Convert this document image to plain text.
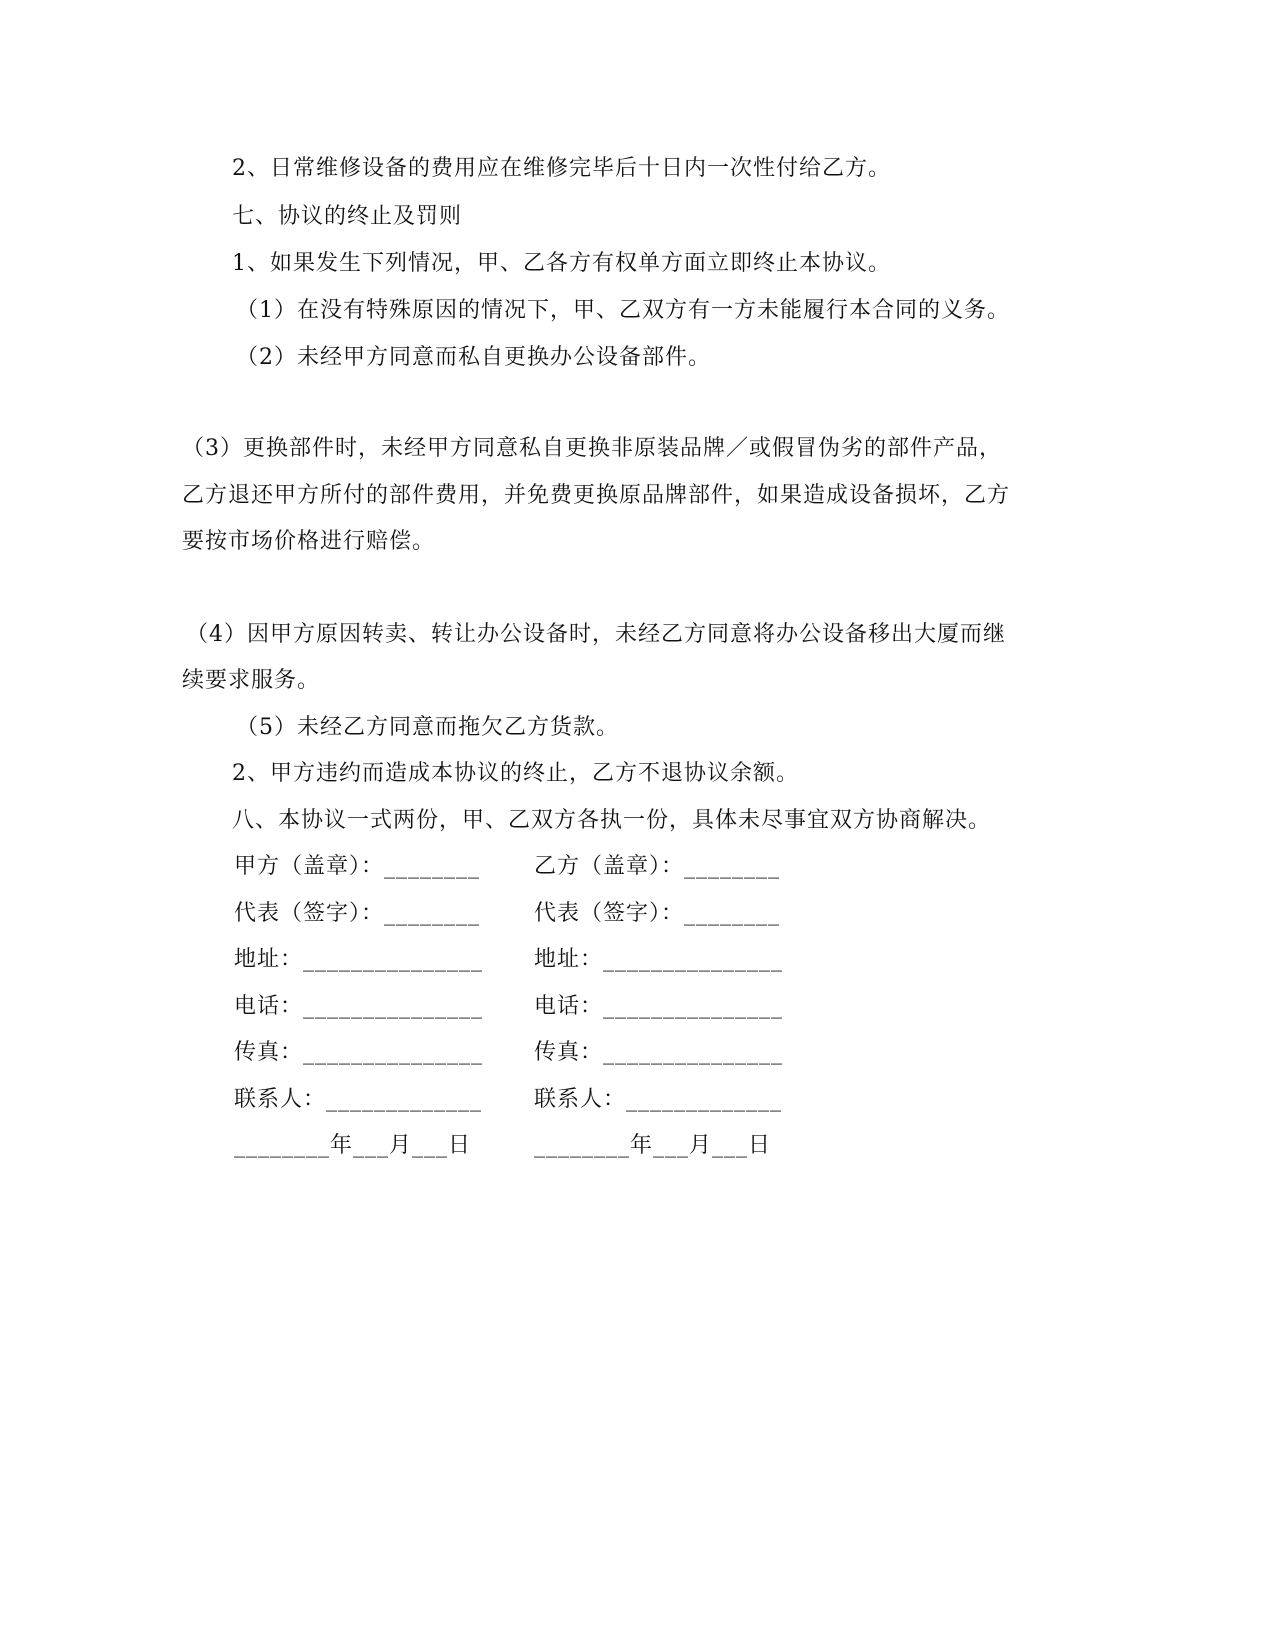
2、日常维修设备的费用应在维修完毕后十日内一次性付给乙方。
七、协议的终止及罚则
1、如果发生下列情况，甲、乙各方有权单方面立即终止本协议。
（1）在没有特殊原因的情况下，甲、乙双方有一方未能履行本合同的义务。
（2）未经甲方同意而私自更换办公设备部件。
（3）更换部件时，未经甲方同意私自更换非原装品牌／或假冒伪劣的部件产品，
乙方退还甲方所付的部件费用，并免费更换原品牌部件，如果造成设备损坏，乙方
要按市场价格进行赔偿。
（4）因甲方原因转卖、转让办公设备时，未经乙方同意将办公设备移出大厦而继
续要求服务。
（5）未经乙方同意而拖欠乙方货款。
2、甲方违约而造成本协议的终止，乙方不退协议余额。
八、本协议一式两份，甲、乙双方各执一份，具体未尽事宜双方协商解决。
甲方（盖章）：________ 乙方（盖章）：________
代表（签字）：________ 代表（签字）：________
地址：_______________ 地址：_______________
电话：_______________ 电话：_______________
传真：_______________ 传真：_______________
联系人：_____________ 联系人：_____________
________年___月___日	________年___月___日
